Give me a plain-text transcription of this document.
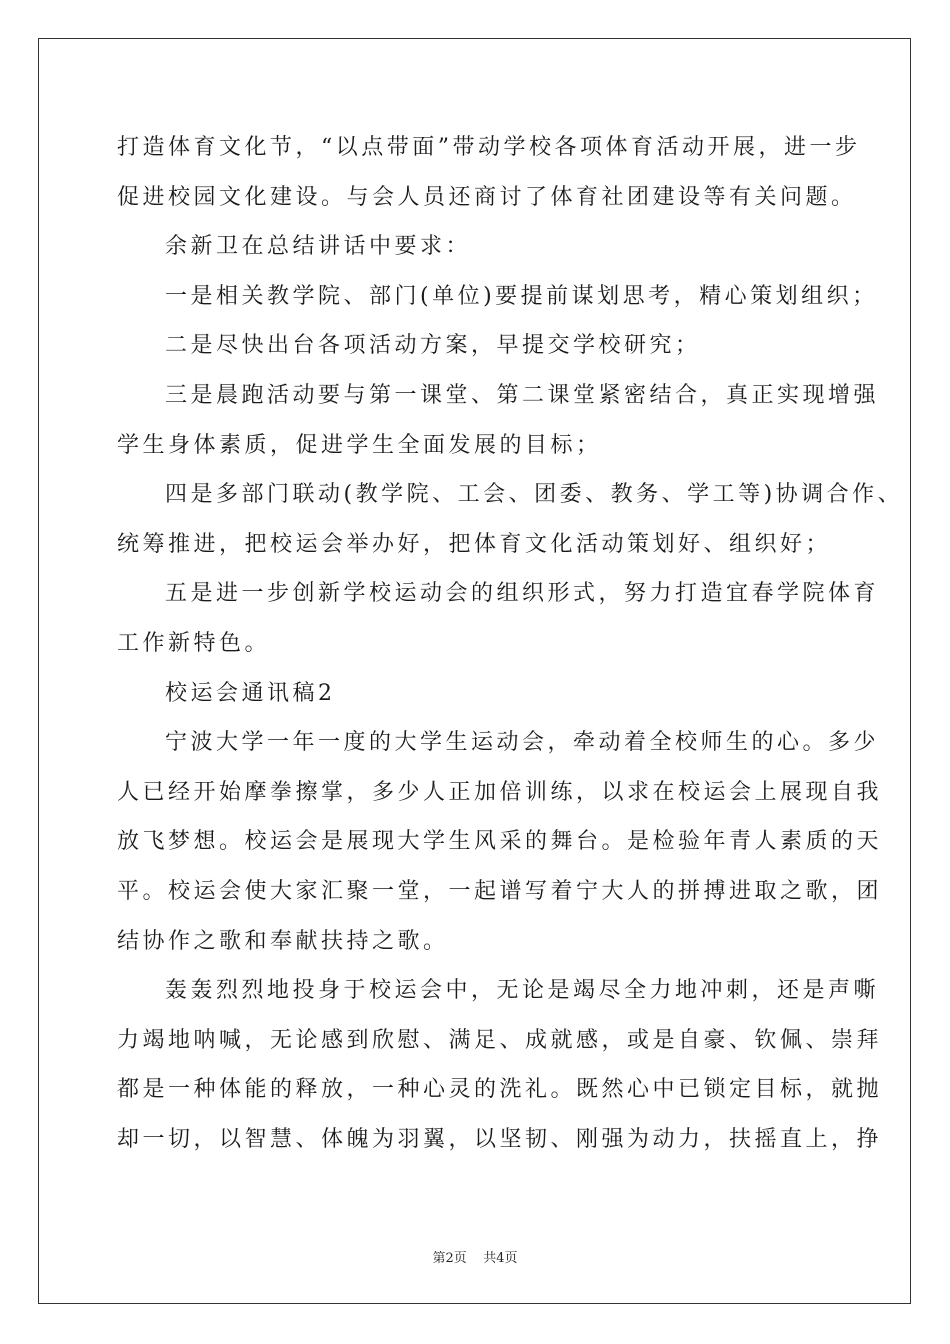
打造体育文化节，“以点带面”带动学校各项体育活动开展，进一步
促进校园文化建设。与会人员还商讨了体育社团建设等有关问题。
余新卫在总结讲话中要求：
一是相关教学院、部门(单位)要提前谋划思考，精心策划组织；
二是尽快出台各项活动方案，早提交学校研究；
三是晨跑活动要与第一课堂、第二课堂紧密结合，真正实现增强
学生身体素质，促进学生全面发展的目标；
四是多部门联动(教学院、工会、团委、教务、学工等)协调合作、
统筹推进，把校运会举办好，把体育文化活动策划好、组织好；
五是进一步创新学校运动会的组织形式，努力打造宜春学院体育
工作新特色。
校运会通讯稿2
宁波大学一年一度的大学生运动会，牵动着全校师生的心。多少
人已经开始摩拳擦掌，多少人正加倍训练，以求在校运会上展现自我
放飞梦想。校运会是展现大学生风采的舞台。是检验年青人素质的天
平。校运会使大家汇聚一堂，一起谱写着宁大人的拼搏进取之歌，团
结协作之歌和奉献扶持之歌。
轰轰烈烈地投身于校运会中，无论是竭尽全力地冲刺，还是声嘶
力竭地呐喊，无论感到欣慰、满足、成就感，或是自豪、钦佩、崇拜
都是一种体能的释放，一种心灵的洗礼。既然心中已锁定目标，就抛
却一切，以智慧、体魄为羽翼，以坚韧、刚强为动力，扶摇直上，挣
第2页    共4页
